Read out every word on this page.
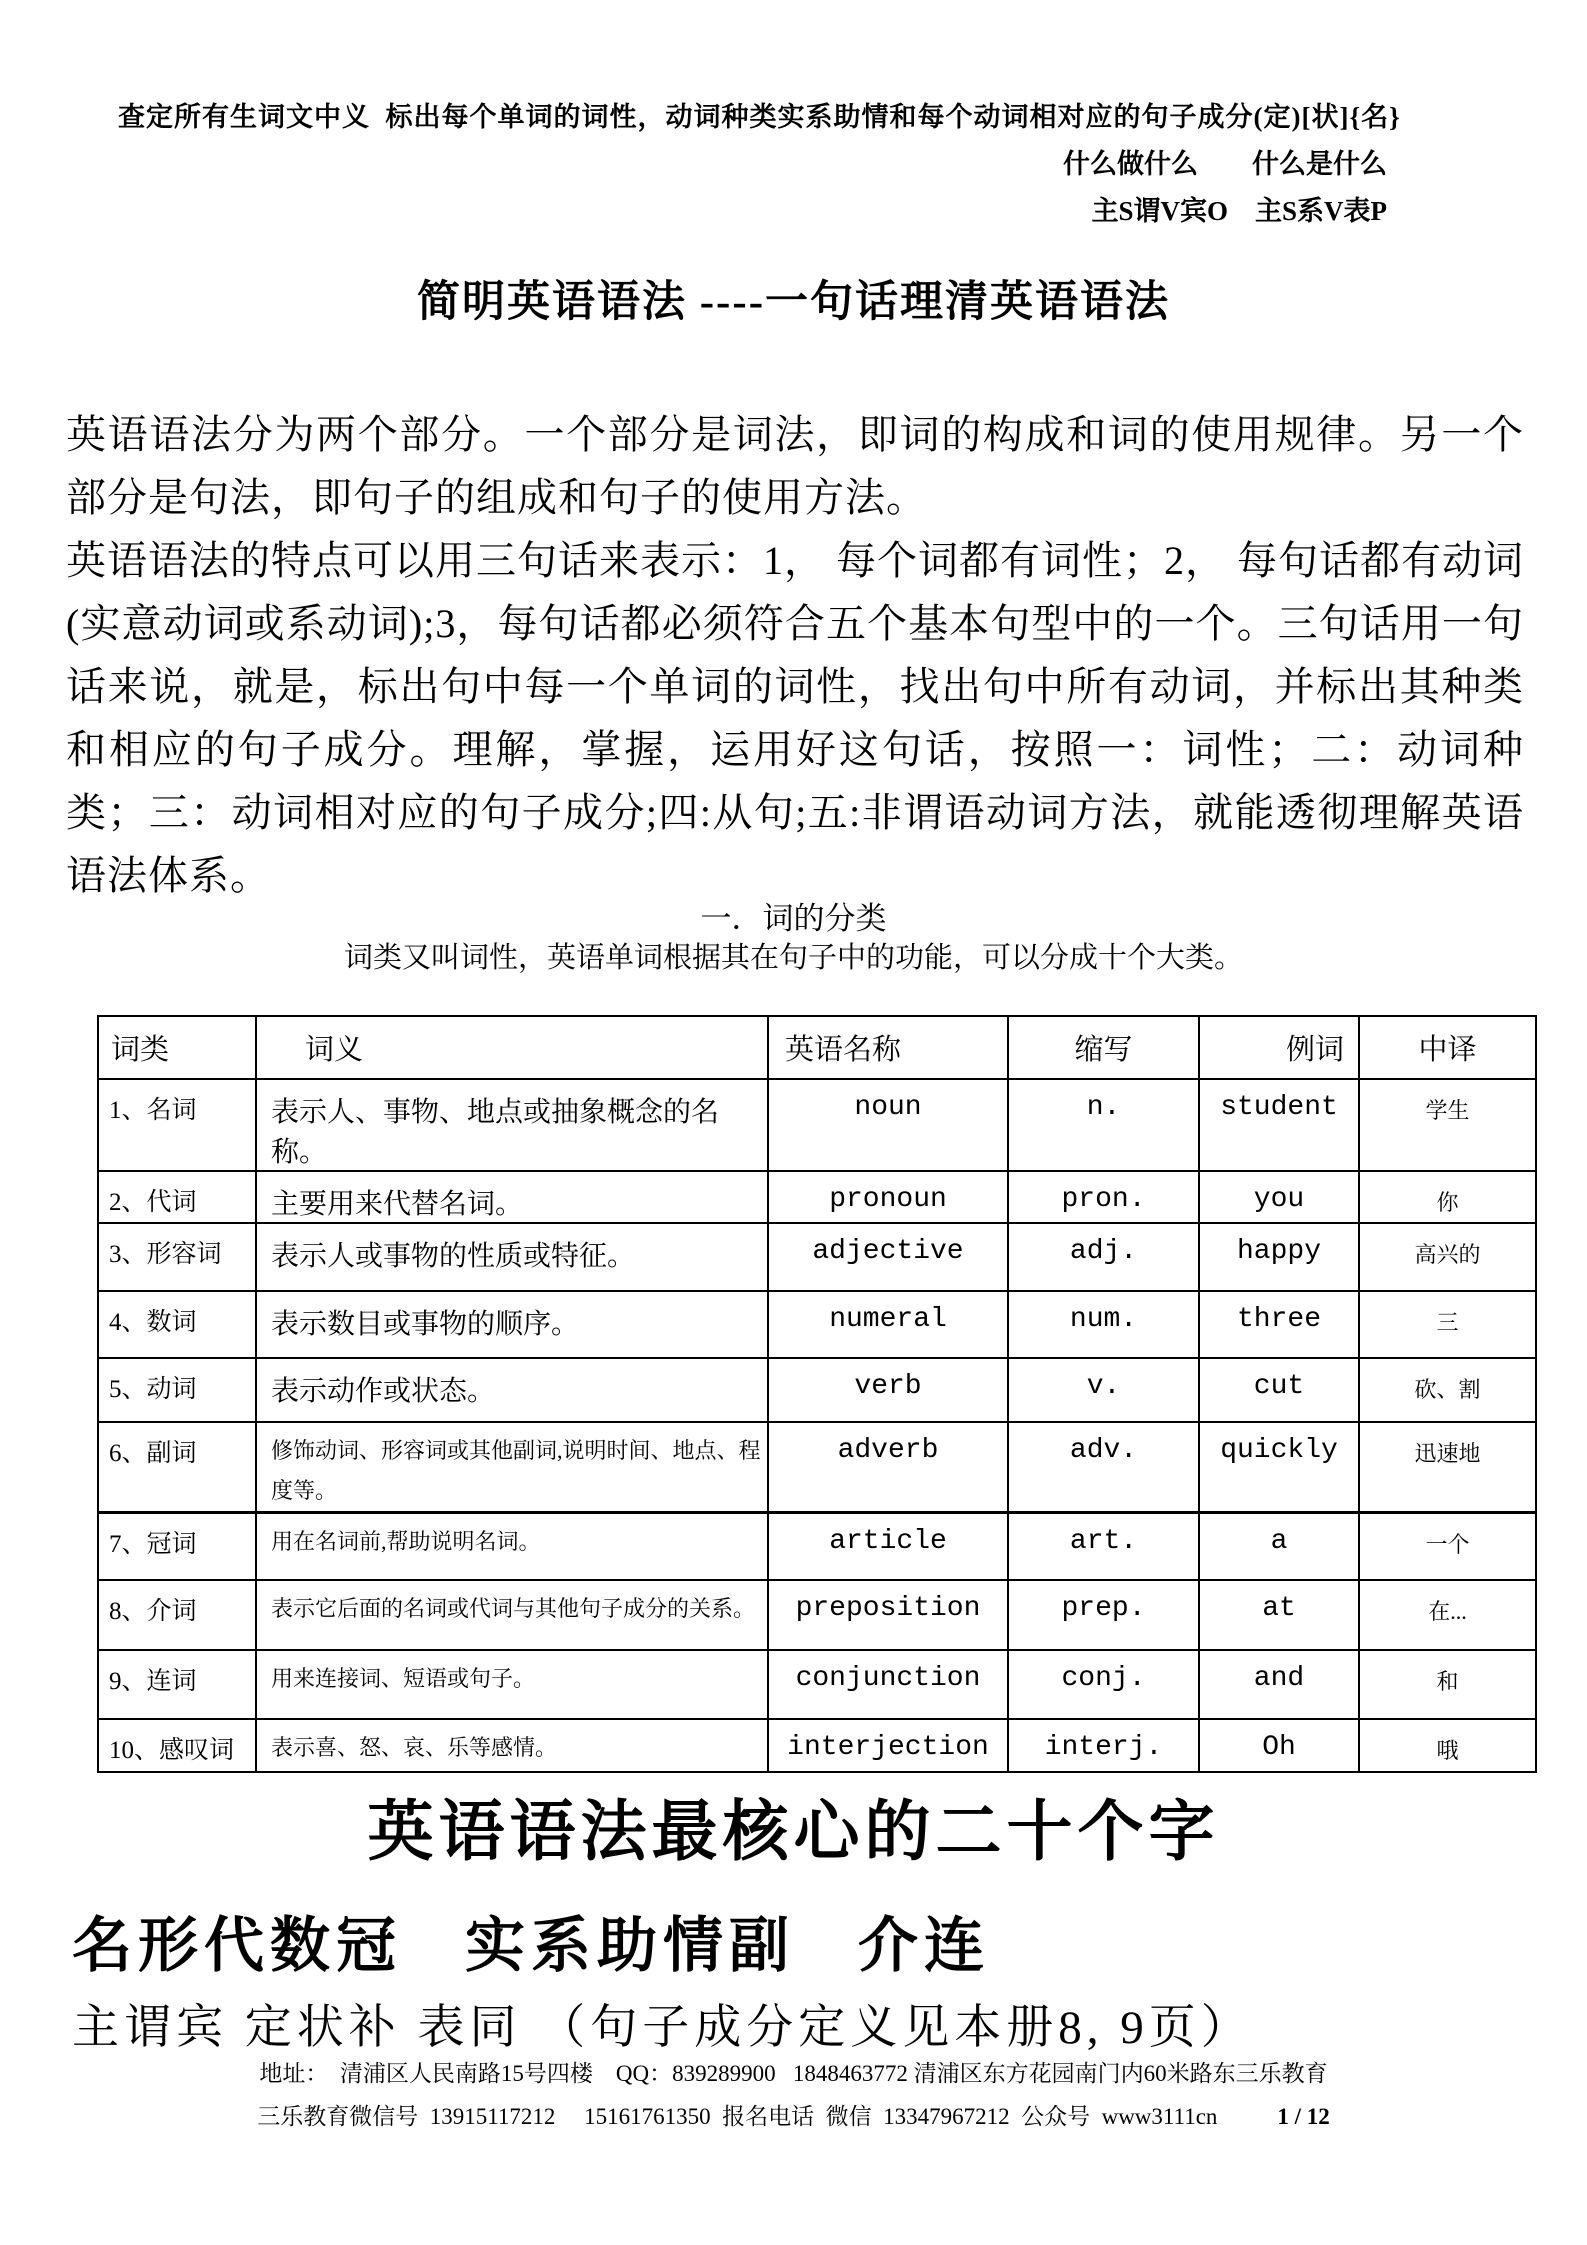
查定所有生词文中义  标出每个单词的词性，动词种类实系助情和每个动词相对应的句子成分(定)[状]{名}
什么做什么        什么是什么
主S谓V宾O    主S系V表P
简明英语语法 ----一句话理清英语语法

英语语法分为两个部分。一个部分是词法，即词的构成和词的使用规律。另一个部分是句法，即句子的组成和句子的使用方法。

英语语法的特点可以用三句话来表示：1， 每个词都有词性；2， 每句话都有动词(实意动词或系动词);3，每句话都必须符合五个基本句型中的一个。三句话用一句话来说，就是，标出句中每一个单词的词性，找出句中所有动词，并标出其种类和相应的句子成分。理解，掌握，运用好这句话，按照一：词性；二：动词种类；三：动词相对应的句子成分;四:从句;五:非谓语动词方法，就能透彻理解英语语法体系。

一．词的分类
词类又叫词性，英语单词根据其在句子中的功能，可以分成十个大类。
词类	词义	英语名称	缩写	例词	中译
1、名词	表示人、事物、地点或抽象概念的名称。	noun	n.	student	学生
2、代词	主要用来代替名词。	pronoun	pron.	you	你
3、形容词	表示人或事物的性质或特征。	adjective	adj.	happy	高兴的
4、数词	表示数目或事物的顺序。	numeral	num.	three	三
5、动词	表示动作或状态。	verb	v.	cut	砍、割
6、副词	修饰动词、形容词或其他副词,说明时间、地点、程度等。	adverb	adv.	quickly	迅速地
7、冠词	用在名词前,帮助说明名词。	article	art.	a	一个
8、介词	表示它后面的名词或代词与其他句子成分的关系。	preposition	prep.	at	在...
9、连词	用来连接词、短语或句子。	conjunction	conj.	and	和
10、感叹词	表示喜、怒、哀、乐等感情。	interjection	interj.	Oh	哦
英语语法最核心的二十个字
名形代数冠   实系助情副   介连
主谓宾 定状补 表同 （句子成分定义见本册8, 9页）
地址：  清浦区人民南路15号四楼    QQ：839289900   1848463772 清浦区东方花园南门内60米路东三乐教育
三乐教育微信号  13915117212     15161761350  报名电话  微信  13347967212  公众号  www3111cn	1 / 12
